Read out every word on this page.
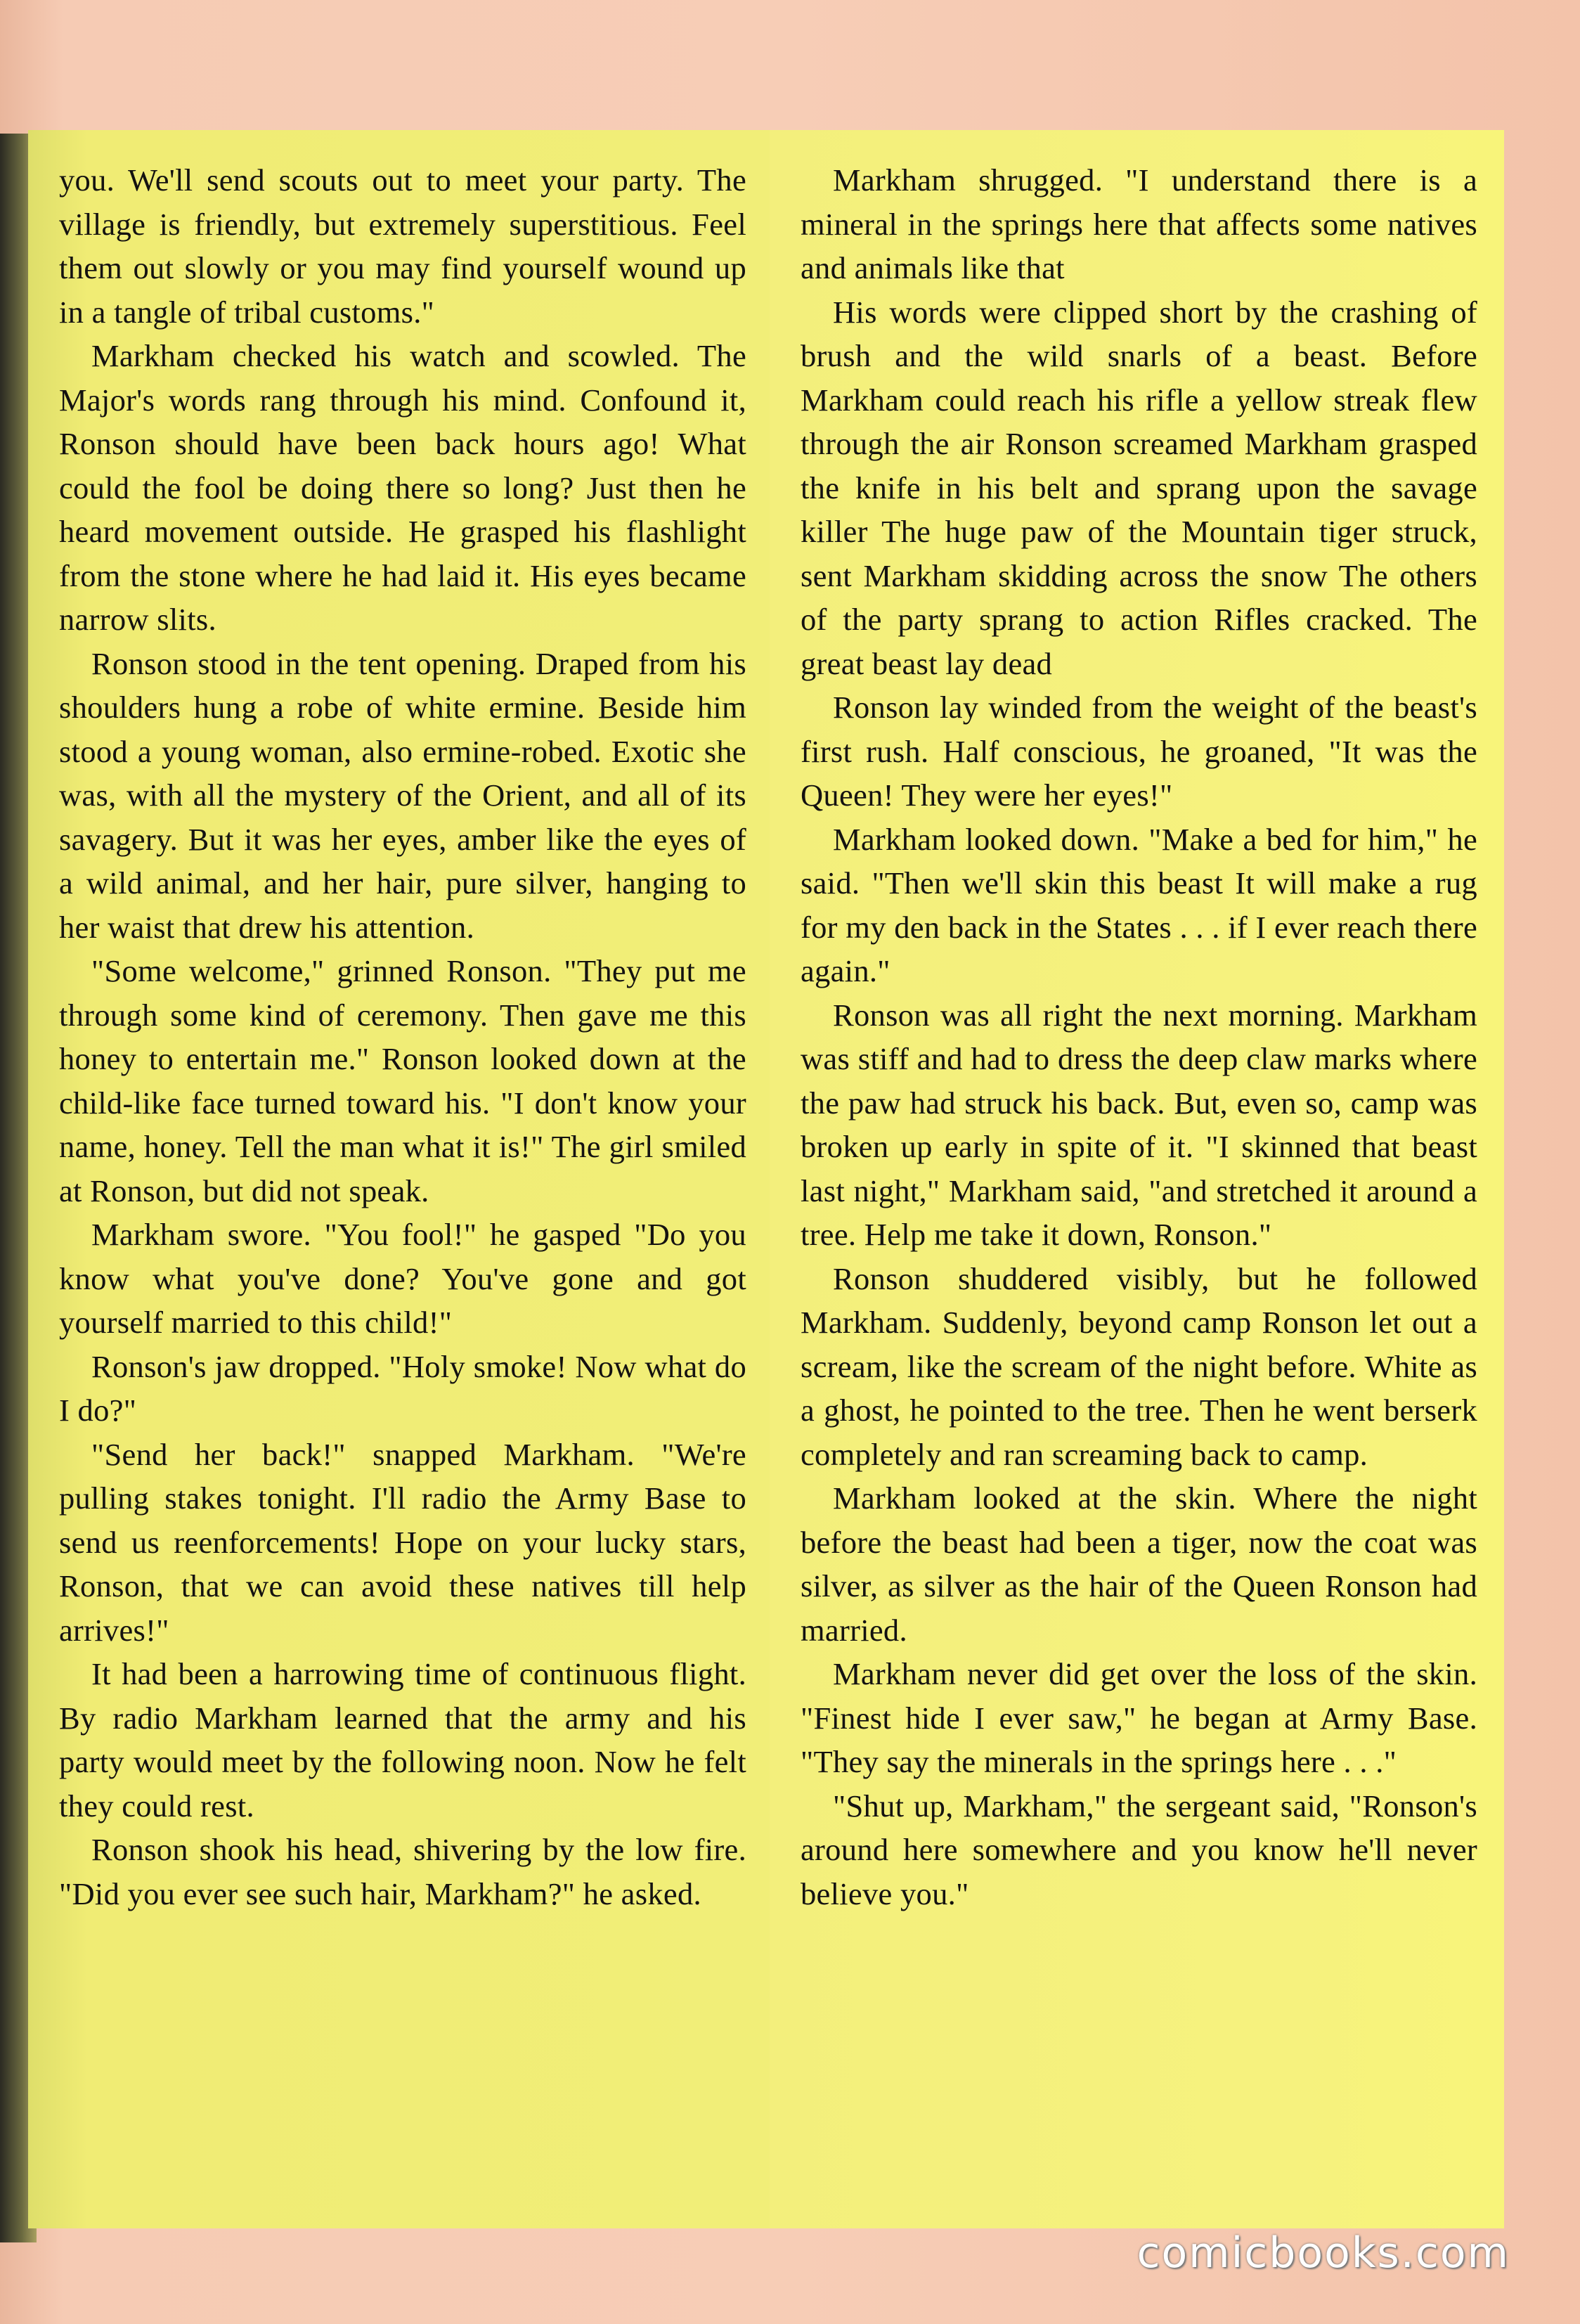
you. We'll send scouts out to meet your party. The village is friendly, but extremely superstitious. Feel them out slowly or you may find yourself wound up in a tangle of tribal customs."

Markham checked his watch and scowled. The Major's words rang through his mind. Confound it, Ronson should have been back hours ago! What could the fool be doing there so long? Just then he heard movement outside. He grasped his flashlight from the stone where he had laid it. His eyes became narrow slits.

Ronson stood in the tent opening. Draped from his shoulders hung a robe of white ermine. Beside him stood a young woman, also ermine-robed. Exotic she was, with all the mystery of the Orient, and all of its savagery. But it was her eyes, amber like the eyes of a wild animal, and her hair, pure silver, hanging to her waist that drew his attention.

"Some welcome," grinned Ronson. "They put me through some kind of ceremony. Then gave me this honey to entertain me." Ronson looked down at the child-like face turned toward his. "I don't know your name, honey. Tell the man what it is!" The girl smiled at Ronson, but did not speak.

Markham swore. "You fool!" he gasped "Do you know what you've done? You've gone and got yourself married to this child!"

Ronson's jaw dropped. "Holy smoke! Now what do I do?"

"Send her back!" snapped Markham. "We're pulling stakes tonight. I'll radio the Army Base to send us reenforcements! Hope on your lucky stars, Ronson, that we can avoid these natives till help arrives!"

It had been a harrowing time of continuous flight. By radio Markham learned that the army and his party would meet by the following noon. Now he felt they could rest.

Ronson shook his head, shivering by the low fire. "Did you ever see such hair, Markham?" he asked.

Markham shrugged. "I understand there is a mineral in the springs here that affects some natives and animals like that

His words were clipped short by the crashing of brush and the wild snarls of a beast. Before Markham could reach his rifle a yellow streak flew through the air Ronson screamed Markham grasped the knife in his belt and sprang upon the savage killer The huge paw of the Mountain tiger struck, sent Markham skidding across the snow The others of the party sprang to action Rifles cracked. The great beast lay dead

Ronson lay winded from the weight of the beast's first rush. Half conscious, he groaned, "It was the Queen! They were her eyes!"

Markham looked down. "Make a bed for him," he said. "Then we'll skin this beast It will make a rug for my den back in the States . . . if I ever reach there again."

Ronson was all right the next morning. Markham was stiff and had to dress the deep claw marks where the paw had struck his back. But, even so, camp was broken up early in spite of it. "I skinned that beast last night," Markham said, "and stretched it around a tree. Help me take it down, Ronson."

Ronson shuddered visibly, but he followed Markham. Suddenly, beyond camp Ronson let out a scream, like the scream of the night before. White as a ghost, he pointed to the tree. Then he went berserk completely and ran screaming back to camp.

Markham looked at the skin. Where the night before the beast had been a tiger, now the coat was silver, as silver as the hair of the Queen Ronson had married.

Markham never did get over the loss of the skin. "Finest hide I ever saw," he began at Army Base. "They say the minerals in the springs here . . ."

"Shut up, Markham," the sergeant said, "Ronson's around here somewhere and you know he'll never believe you."

comicbooks.com
